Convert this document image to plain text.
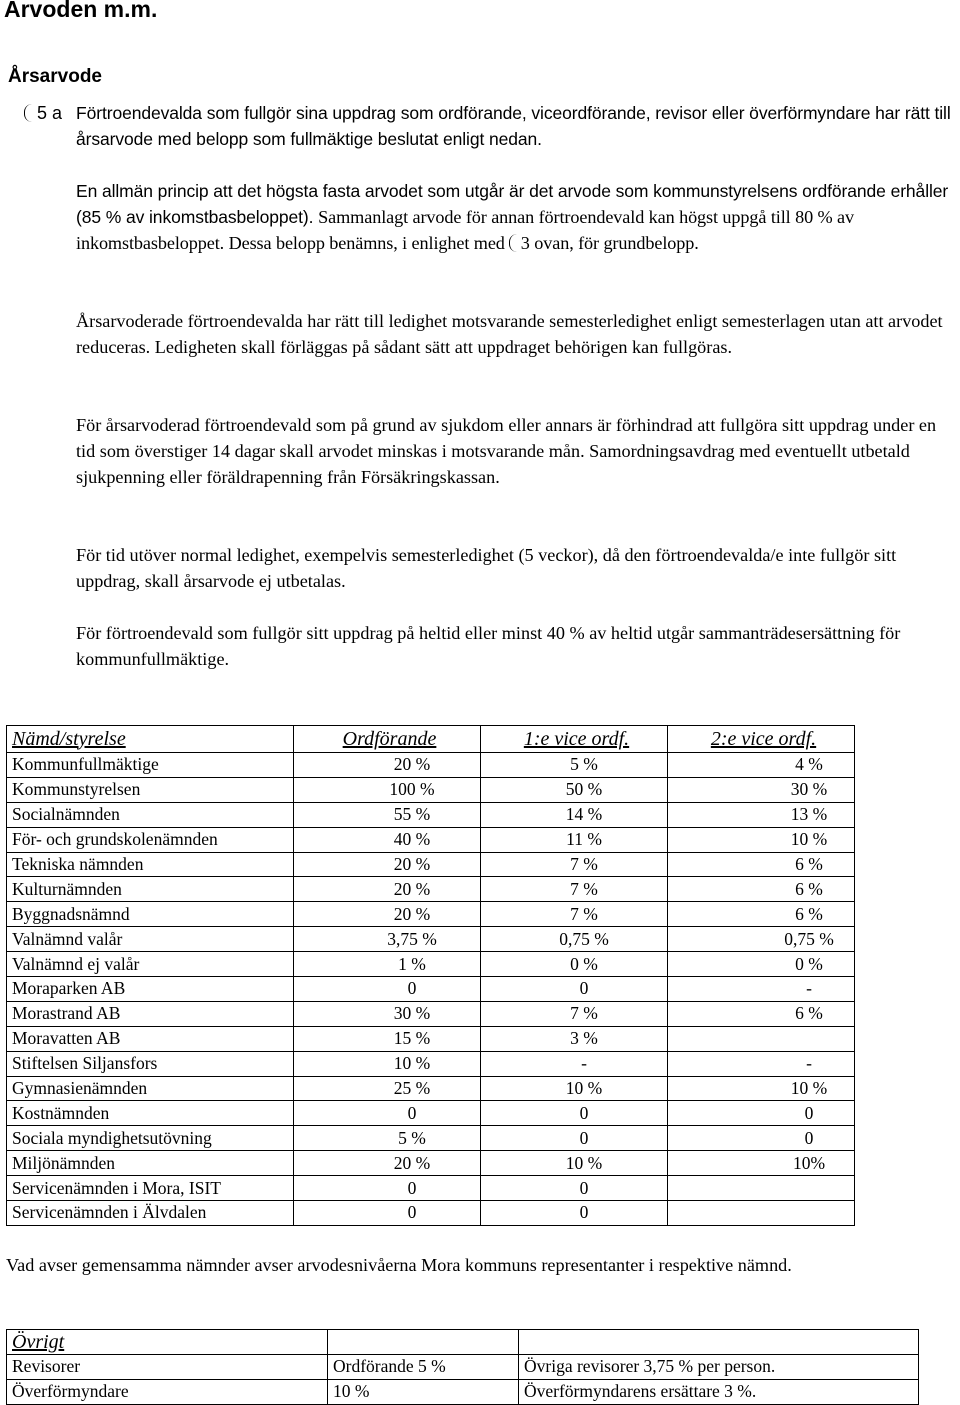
Arvoden m.m.
Årsarvode
5 a Förtroendevalda som fullgör sina uppdrag som ordförande, viceordförande, revisor eller överförmyndare har rätt till årsarvode med belopp som fullmäktige beslutat enligt nedan.

En allmän princip att det högsta fasta arvodet som utgår är det arvode som kommunstyrelsens ordförande erhåller (85 % av inkomstbasbeloppet). Sammanlagt arvode för annan förtroendevald kan högst uppgå till 80 % av inkomstbasbeloppet. Dessa belopp benämns, i enlighet med 3 ovan, för grundbelopp.

Årsarvoderade förtroendevalda har rätt till ledighet motsvarande semesterledighet enligt semesterlagen utan att arvodet reduceras. Ledigheten skall förläggas på sådant sätt att uppdraget behörigen kan fullgöras.

För årsarvoderad förtroendevald som på grund av sjukdom eller annars är förhindrad att fullgöra sitt uppdrag under en tid som överstiger 14 dagar skall arvodet minskas i motsvarande mån. Samordningsavdrag med eventuellt utbetald sjukpenning eller föräldrapenning från Försäkringskassan.

För tid utöver normal ledighet, exempelvis semesterledighet (5 veckor), då den förtroendevalda/e inte fullgör sitt uppdrag, skall årsarvode ej utbetalas.

För förtroendevald som fullgör sitt uppdrag på heltid eller minst 40 % av heltid utgår sammanträdesersättning för kommunfullmäktige.

Nämd/styrelse	Ordförande	1:e vice ordf.	2:e vice ordf.
Kommunfullmäktige	20 %	5 %	4 %
Kommunstyrelsen	100 %	50 %	30 %
Socialnämnden	55 %	14 %	13 %
För- och grundskolenämnden	40 %	11 %	10 %
Tekniska nämnden	20 %	7 %	6 %
Kulturnämnden	20 %	7 %	6 %
Byggnadsnämnd	20 %	7 %	6 %
Valnämnd valår	3,75 %	0,75 %	0,75 %
Valnämnd ej valår	1 %	0 %	0 %
Moraparken AB	0	0	-
Morastrand AB	30 %	7 %	6 %
Moravatten AB	15 %	3 %	
Stiftelsen Siljansfors	10 %	-	-
Gymnasienämnden	25 %	10 %	10 %
Kostnämnden	0	0	0
Sociala myndighetsutövning	5 %	0	0
Miljönämnden	20 %	10 %	10%
Servicenämnden i Mora, ISIT	0	0	
Servicenämnden i Älvdalen	0	0	

Vad avser gemensamma nämnder avser arvodesnivåerna Mora kommuns representanter i respektive nämnd.

Övrigt		
Revisorer	Ordförande 5 %	Övriga revisorer 3,75 % per person.
Överförmyndare	10 %	Överförmyndarens ersättare 3 %.
